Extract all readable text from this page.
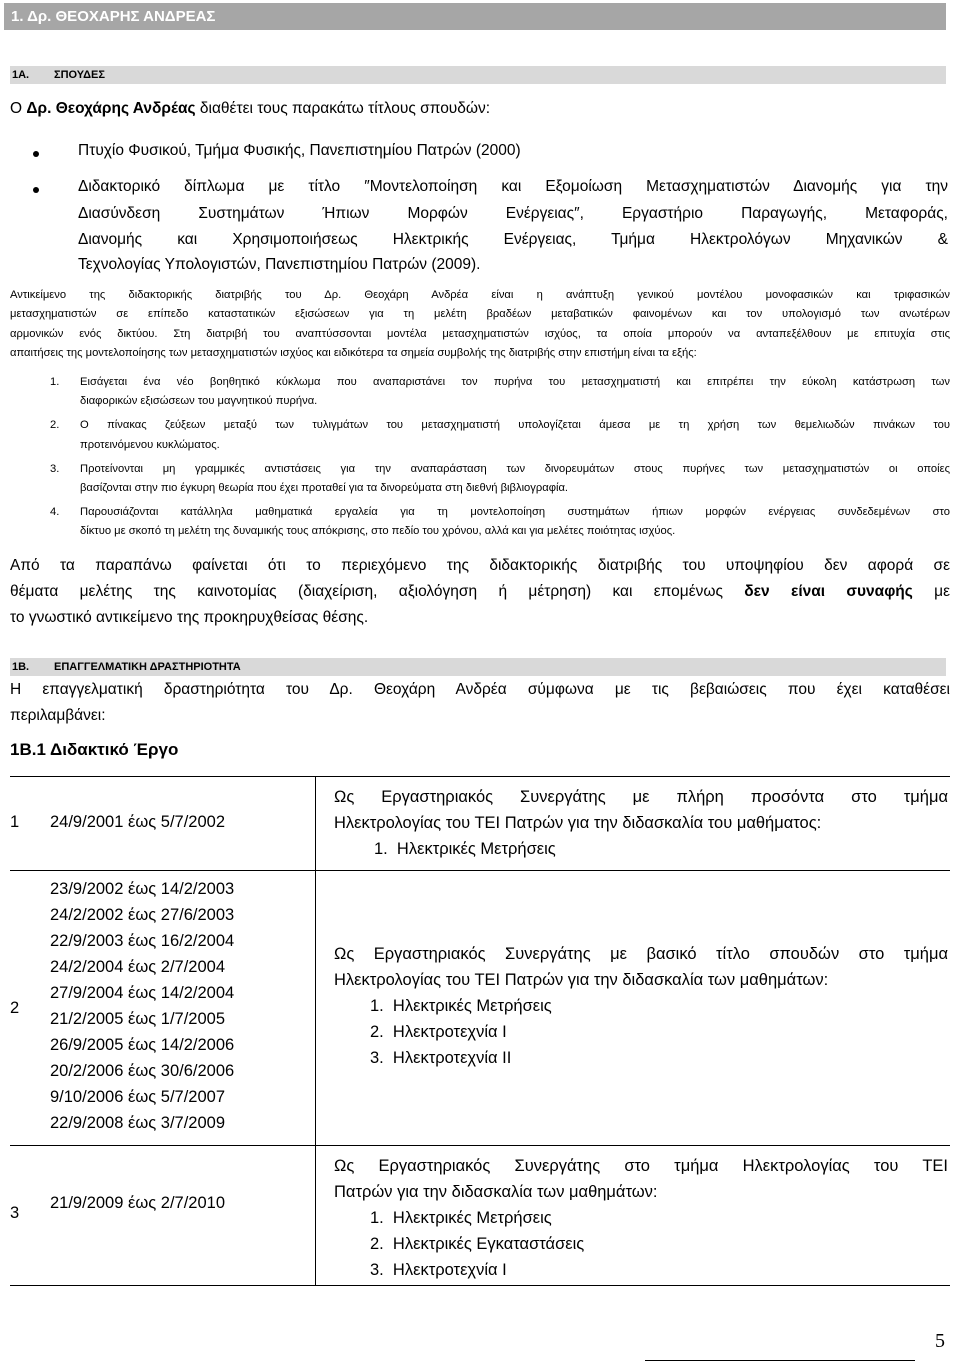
1. Δρ. ΘΕΟΧΑΡΗΣ ΑΝΔΡΕΑΣ
1Α. ΣΠΟΥΔΕΣ
Ο Δρ. Θεοχάρης Ανδρέας διαθέτει τους παρακάτω τίτλους σπουδών:
Πτυχίο Φυσικού, Τμήμα Φυσικής, Πανεπιστημίου Πατρών (2000)
Διδακτορικό δίπλωμα με τίτλο ″Μοντελοποίηση και Εξομοίωση Μετασχηματιστών Διανομής για την
Διασύνδεση Συστημάτων Ήπιων Μορφών Ενέργειας″, Εργαστήριο Παραγωγής, Μεταφοράς,
Διανομής και Χρησιμοποιήσεως Ηλεκτρικής Ενέργειας, Τμήμα Ηλεκτρολόγων Μηχανικών &
Τεχνολογίας Υπολογιστών, Πανεπιστημίου Πατρών (2009).
Αντικείμενο της διδακτορικής διατριβής του Δρ. Θεοχάρη Ανδρέα είναι η ανάπτυξη γενικού μοντέλου μονοφασικών και τριφασικών
μετασχηματιστών σε επίπεδο καταστατικών εξισώσεων για τη μελέτη βραδέων μεταβατικών φαινομένων και τον υπολογισμό των ανωτέρων
αρμονικών ενός δικτύου. Στη διατριβή του αναπτύσσονται μοντέλα μετασχηματιστών ισχύος, τα οποία μπορούν να ανταπεξέλθουν με επιτυχία στις
απαιτήσεις της μοντελοποίησης των μετασχηματιστών ισχύος και ειδικότερα τα σημεία συμβολής της διατριβής στην επιστήμη είναι τα εξής:
1. Εισάγεται ένα νέο βοηθητικό κύκλωμα που αναπαριστάνει τον πυρήνα του μετασχηματιστή και επιτρέπει την εύκολη κατάστρωση των
διαφορικών εξισώσεων του μαγνητικού πυρήνα.
2. Ο πίνακας ζεύξεων μεταξύ των τυλιγμάτων του μετασχηματιστή υπολογίζεται άμεσα με τη χρήση των θεμελιωδών πινάκων του
προτεινόμενου κυκλώματος.
3. Προτείνονται μη γραμμικές αντιστάσεις για την αναπαράσταση των δινορευμάτων στους πυρήνες των μετασχηματιστών οι οποίες
βασίζονται στην πιο έγκυρη θεωρία που έχει προταθεί για τα δινορεύματα στη διεθνή βιβλιογραφία.
4. Παρουσιάζονται κατάλληλα μαθηματικά εργαλεία για τη μοντελοποίηση συστημάτων ήπιων μορφών ενέργειας συνδεδεμένων στο
δίκτυο με σκοπό τη μελέτη της δυναμικής τους απόκρισης, στο πεδίο του χρόνου, αλλά και για μελέτες ποιότητας ισχύος.
Από τα παραπάνω φαίνεται ότι το περιεχόμενο της διδακτορικής διατριβής του υποψηφίου δεν αφορά σε
θέματα μελέτης της καινοτομίας (διαχείριση, αξιολόγηση ή μέτρηση) και επομένως δεν είναι συναφής με
το γνωστικό αντικείμενο της προκηρυχθείσας θέσης.
1Β. ΕΠΑΓΓΕΛΜΑΤΙΚΗ ΔΡΑΣΤΗΡΙΟΤΗΤΑ
Η επαγγελματική δραστηριότητα του Δρ. Θεοχάρη Ανδρέα σύμφωνα με τις βεβαιώσεις που έχει καταθέσει
περιλαμβάνει:
1Β.1 Διδακτικό Έργο
1 24/9/2001 έως 5/7/2002
Ως Εργαστηριακός Συνεργάτης με πλήρη προσόντα στο τμήμα
Ηλεκτρολογίας του ΤΕΙ Πατρών για την διδασκαλία του μαθήματος:
1.  Ηλεκτρικές Μετρήσεις
2
23/9/2002 έως 14/2/2003
24/2/2002 έως 27/6/2003
22/9/2003 έως 16/2/2004
24/2/2004 έως 2/7/2004
27/9/2004 έως 14/2/2004
21/2/2005 έως 1/7/2005
26/9/2005 έως 14/2/2006
20/2/2006 έως 30/6/2006
9/10/2006 έως 5/7/2007
22/9/2008 έως 3/7/2009
Ως Εργαστηριακός Συνεργάτης με βασικό τίτλο σπουδών στο τμήμα
Ηλεκτρολογίας του ΤΕΙ Πατρών για την διδασκαλία των μαθημάτων:
1.  Ηλεκτρικές Μετρήσεις
2.  Ηλεκτροτεχνία Ι
3.  Ηλεκτροτεχνία ΙΙ
3
21/9/2009 έως 2/7/2010
Ως Εργαστηριακός Συνεργάτης στο τμήμα Ηλεκτρολογίας του ΤΕΙ
Πατρών για την διδασκαλία των μαθημάτων:
1.  Ηλεκτρικές Μετρήσεις
2.  Ηλεκτρικές Εγκαταστάσεις
3.  Ηλεκτροτεχνία Ι
5
